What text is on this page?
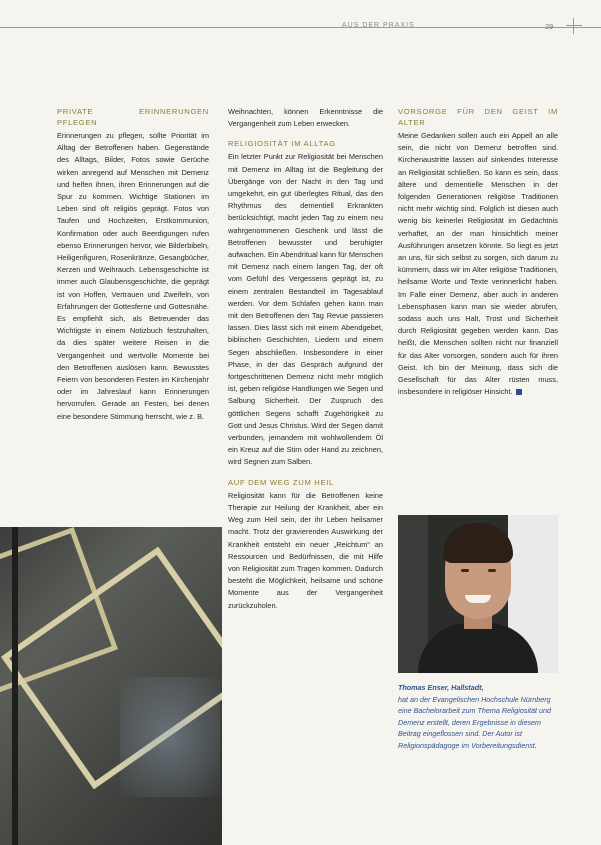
AUS DER PRAXIS	29
PRIVATE ERINNERUNGEN PFLEGEN

Erinnerungen zu pflegen, sollte Priorität im Alltag der Betroffenen haben. Gegenstände des Alltags, Bilder, Fotos sowie Gerüche wirken anregend auf Menschen mit Demenz und helfen ihnen, ihren Erinnerungen auf die Spur zu kommen. Wichtige Stationen im Leben sind oft religiös geprägt. Fotos von Taufen und Hochzeiten, Erstkommunion, Konfirmation oder auch Beerdigungen rufen ebenso Erinnerungen hervor, wie Bilderbibeln, Heiligenfiguren, Rosenkränze, Gesangbücher, Kerzen und Weihrauch. Lebensgeschichte ist immer auch Glaubensgeschichte, die geprägt ist von Hoffen, Vertrauen und Zweifeln, von Erfahrungen der Gottesferne und Gottesnähe. Es empfiehlt sich, als Betreuender das Wichtigste in einem Notizbuch festzuhalten, da dies später weitere Reisen in die Vergangenheit und wertvolle Momente bei den Betroffenen auslösen kann. Bewusstes Feiern von besonderen Festen im Kirchenjahr oder im Jahreslauf kann Erinnerungen hervorrufen. Gerade an Festen, bei denen eine besondere Stimmung herrscht, wie z. B.

Weihnachten, können Erkenntnisse die Vergangenheit zum Leben erwecken.

RELIGIOSITÄT IM ALLTAG

Ein letzter Punkt zur Religiosität bei Menschen mit Demenz im Alltag ist die Begleitung der Übergänge von der Nacht in den Tag und umgekehrt, ein gut überlegtes Ritual, das den Rhythmus des dementiell Erkrankten berücksichtigt, macht jeden Tag zu einem neu wahrgenommenen Geschenk und lässt die Betroffenen bewusster und beruhigter aufwachen. Ein Abendritual kann für Menschen mit Demenz nach einem langen Tag, der oft vom Gefühl des Vergessens geprägt ist, zu einem zentralen Bestandteil im Tagesablauf werden. Vor dem Schlafen gehen kann man mit den Betroffenen den Tag Revue passieren lassen. Dies lässt sich mit einem Abendgebet, biblischen Geschichten, Liedern und einem Segen abschließen. Insbesondere in einer Phase, in der das Gespräch aufgrund der fortgeschrittenen Demenz nicht mehr möglich ist, geben religiöse Handlungen wie Segen und Salbung Sicherheit. Der Zuspruch des göttlichen Segens schafft Zugehörigkeit zu Gott und Jesus Christus. Wird der Segen damit verbunden, jemandem mit wohlwollendem Öl ein Kreuz auf die Stirn oder Hand zu zeichnen, wird Segnen zum Salben.

AUF DEM WEG ZUM HEIL

Religiosität kann für die Betroffenen keine Therapie zur Heilung der Krankheit, aber ein Weg zum Heil sein, der ihr Leben heilsamer macht. Trotz der gravierenden Auswirkung der Krankheit entsteht ein neuer „Reichtum“ an Ressourcen und Bedürfnissen, die mit Hilfe von Religiosität zum Tragen kommen. Dadurch besteht die Möglichkeit, heilsame und schöne Momente aus der Vergangenheit zurückzuholen.

VORSORGE FÜR DEN GEIST IM ALTER

Meine Gedanken sollen auch ein Appell an alle sein, die nicht von Demenz betroffen sind. Kirchenaustritte lassen auf sinkendes Interesse an Religiosität schließen. So kann es sein, dass ältere und dementielle Menschen in der folgenden Generationen religiöse Traditionen nicht mehr wichtig sind. Folglich ist diesen auch wenig bis keinerlei Religiosität im Gedächtnis verhaftet, an der man hinsichtlich meiner Ausführungen ansetzen könnte. So liegt es jetzt an uns, für sich selbst zu sorgen, sich darum zu kümmern, dass wir im Alter religiöse Traditionen, heilsame Worte und Texte verinnerlicht haben. Im Falle einer Demenz, aber auch in anderen Lebensphasen kann man sie wieder abrufen, sodass auch uns Halt, Trost und Sicherheit durch Religiosität gegeben werden kann. Das heißt, die Menschen sollten nicht nur finanziell für das Alter vorsorgen, sondern auch für ihren Geist. Ich bin der Meinung, dass sich die Gesellschaft für das Alter rüsten muss, insbesondere in religiöser Hinsicht.

Thomas Enser, Hallstadt,
hat an der Evangelischen Hochschule Nürnberg eine Bachelorarbeit zum Thema Religiosität und Demenz erstellt, deren Ergebnisse in diesem Beitrag eingeflossen sind. Der Autor ist Religionspädagoge im Vorbereitungsdienst.
